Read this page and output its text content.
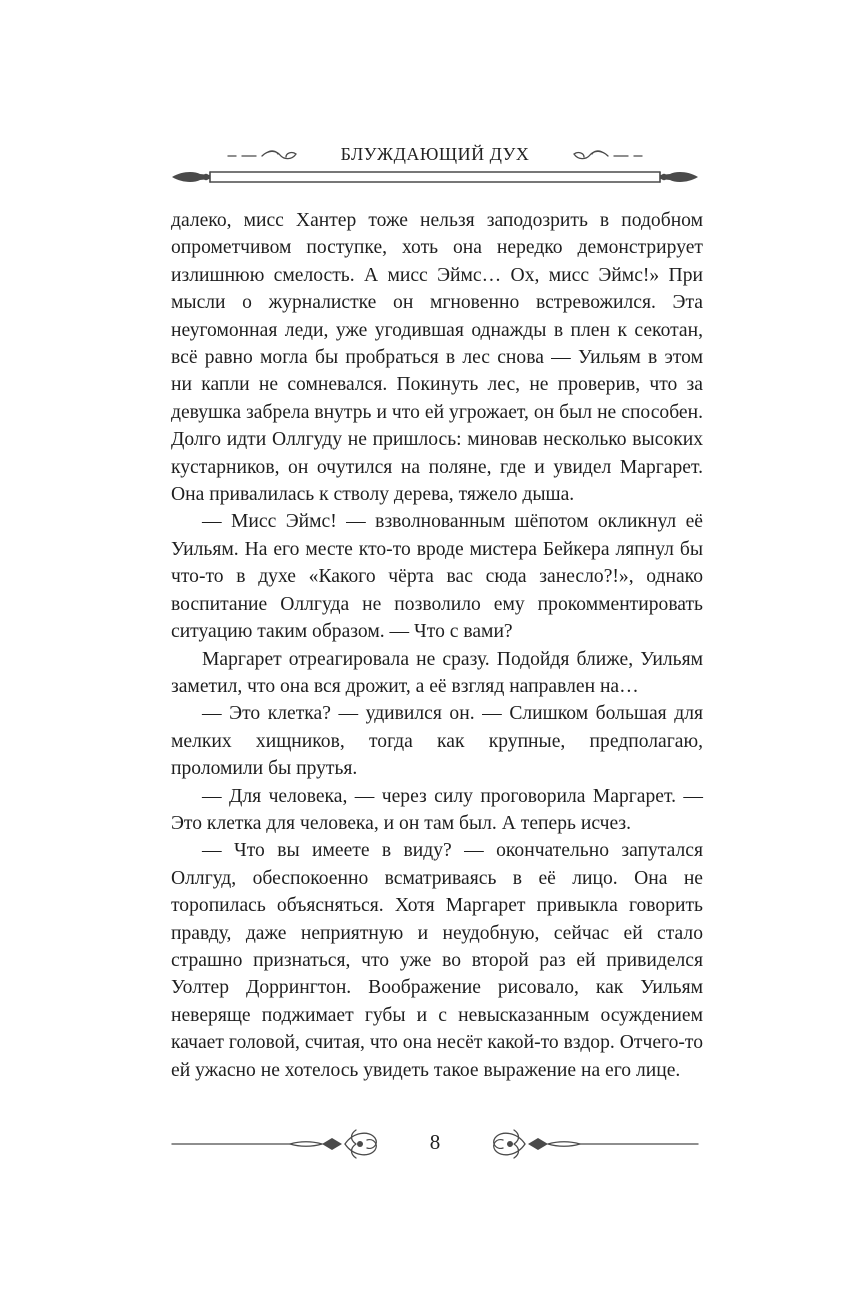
БЛУЖДАЮЩИЙ ДУХ

далеко, мисс Хантер тоже нельзя заподозрить в подобном опрометчивом поступке, хоть она нередко демонстрирует излишнюю смелость. А мисс Эймс… Ох, мисс Эймс!» При мысли о журналистке он мгновенно встревожился. Эта неугомонная леди, уже угодившая однажды в плен к секотан, всё равно могла бы пробраться в лес снова — Уильям в этом ни капли не сомневался. Покинуть лес, не проверив, что за девушка забрела внутрь и что ей угрожает, он был не способен. Долго идти Оллгуду не пришлось: миновав несколько высоких кустарников, он очутился на поляне, где и увидел Маргарет. Она привалилась к стволу дерева, тяжело дыша.

— Мисс Эймс! — взволнованным шёпотом окликнул её Уильям. На его месте кто-то вроде мистера Бейкера ляпнул бы что-то в духе «Какого чёрта вас сюда занесло?!», однако воспитание Оллгуда не позволило ему прокомментировать ситуацию таким образом. — Что с вами?

Маргарет отреагировала не сразу. Подойдя ближе, Уильям заметил, что она вся дрожит, а её взгляд направлен на…

— Это клетка? — удивился он. — Слишком большая для мелких хищников, тогда как крупные, предполагаю, проломили бы прутья.

— Для человека, — через силу проговорила Маргарет. — Это клетка для человека, и он там был. А теперь исчез.

— Что вы имеете в виду? — окончательно запутался Оллгуд, обеспокоенно всматриваясь в её лицо. Она не торопилась объясняться. Хотя Маргарет привыкла говорить правду, даже неприятную и неудобную, сейчас ей стало страшно признаться, что уже во второй раз ей привиделся Уолтер Доррингтон. Воображение рисовало, как Уильям неверяще поджимает губы и с невысказанным осуждением качает головой, считая, что она несёт какой-то вздор. Отчего-то ей ужасно не хотелось увидеть такое выражение на его лице.

8
